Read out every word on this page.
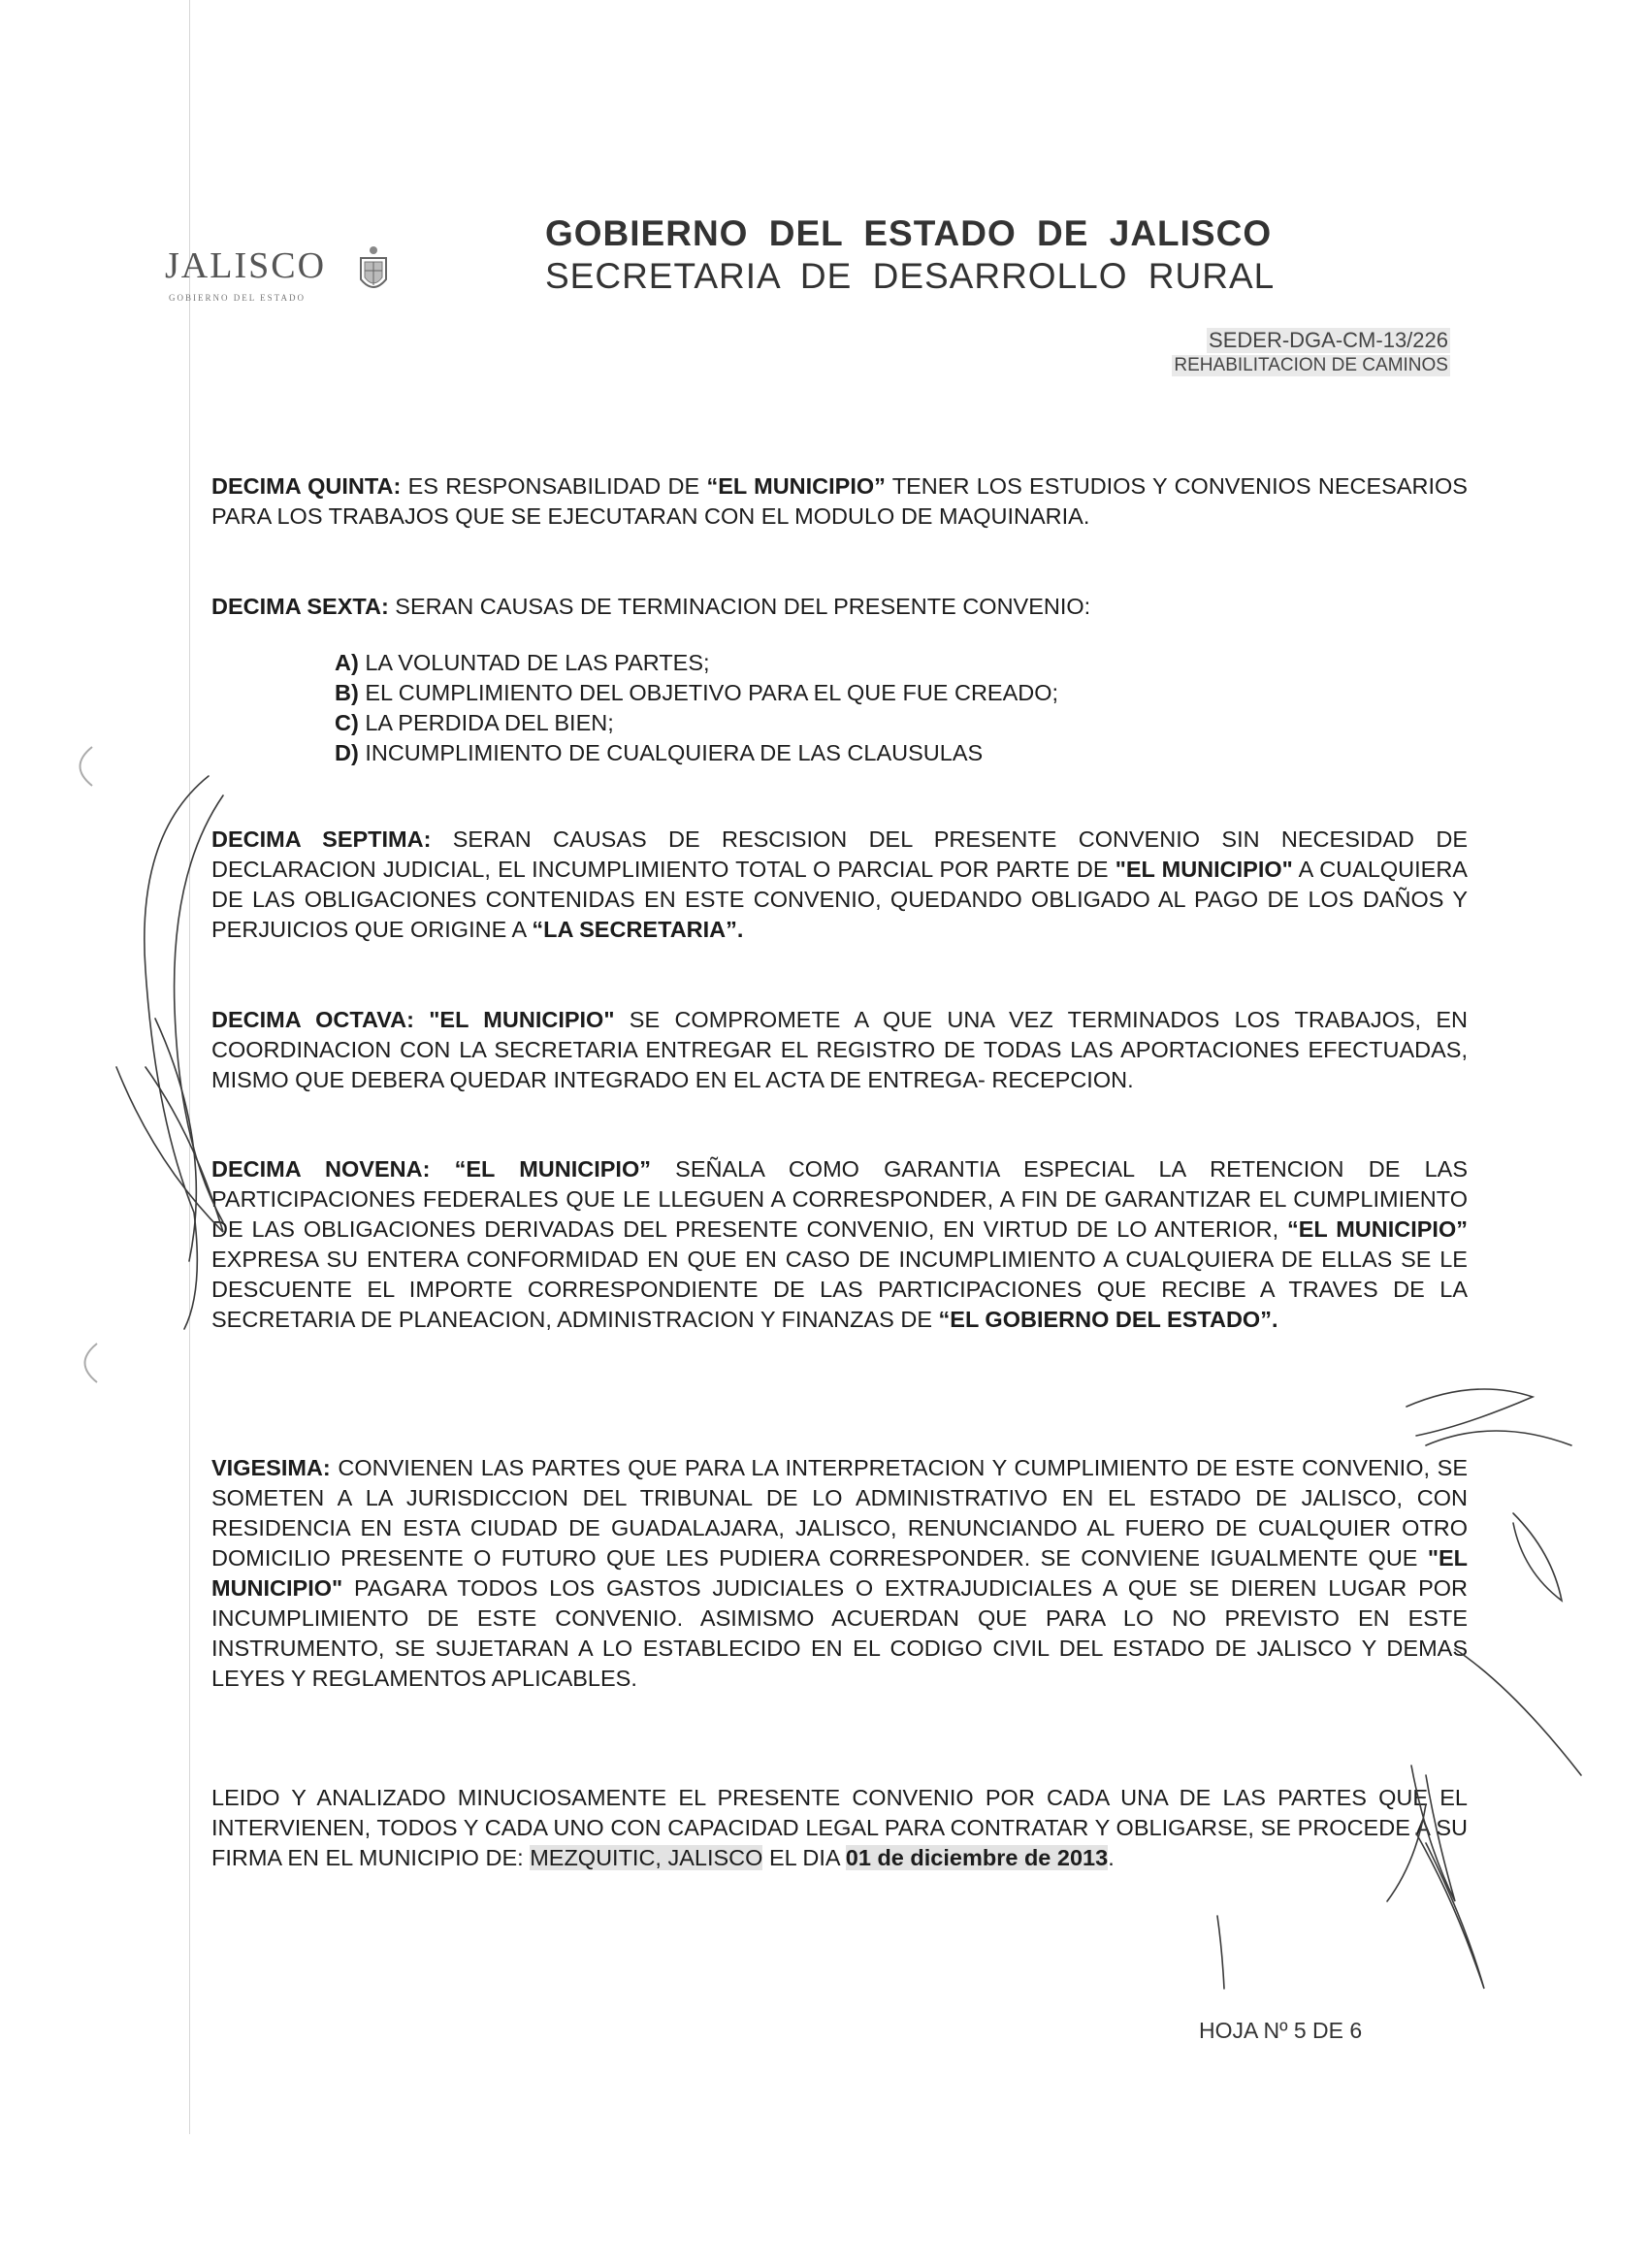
JALISCO
GOBIERNO DEL ESTADO
GOBIERNO DEL ESTADO DE JALISCO
SECRETARIA DE DESARROLLO RURAL
SEDER-DGA-CM-13/226
REHABILITACION DE CAMINOS
DECIMA QUINTA: ES RESPONSABILIDAD DE “EL MUNICIPIO” TENER LOS ESTUDIOS Y CONVENIOS NECESARIOS PARA LOS TRABAJOS QUE SE EJECUTARAN CON EL MODULO DE MAQUINARIA.
DECIMA SEXTA: SERAN CAUSAS DE TERMINACION DEL PRESENTE CONVENIO:
A) LA VOLUNTAD DE LAS PARTES;
B) EL CUMPLIMIENTO DEL OBJETIVO PARA EL QUE FUE CREADO;
C) LA PERDIDA DEL BIEN;
D) INCUMPLIMIENTO DE CUALQUIERA DE LAS CLAUSULAS
DECIMA SEPTIMA: SERAN CAUSAS DE RESCISION DEL PRESENTE CONVENIO SIN NECESIDAD DE DECLARACION JUDICIAL, EL INCUMPLIMIENTO TOTAL O PARCIAL POR PARTE DE "EL MUNICIPIO" A CUALQUIERA DE LAS OBLIGACIONES CONTENIDAS EN ESTE CONVENIO, QUEDANDO OBLIGADO AL PAGO DE LOS DAÑOS Y PERJUICIOS QUE ORIGINE A “LA SECRETARIA”.
DECIMA OCTAVA: "EL MUNICIPIO" SE COMPROMETE A QUE UNA VEZ TERMINADOS LOS TRABAJOS, EN COORDINACION CON LA SECRETARIA ENTREGAR EL REGISTRO DE TODAS LAS APORTACIONES EFECTUADAS, MISMO QUE DEBERA QUEDAR INTEGRADO EN EL ACTA DE ENTREGA- RECEPCION.
DECIMA NOVENA: “EL MUNICIPIO” SEÑALA COMO GARANTIA ESPECIAL LA RETENCION DE LAS PARTICIPACIONES FEDERALES QUE LE LLEGUEN A CORRESPONDER, A FIN DE GARANTIZAR EL CUMPLIMIENTO DE LAS OBLIGACIONES DERIVADAS DEL PRESENTE CONVENIO, EN VIRTUD DE LO ANTERIOR, “EL MUNICIPIO” EXPRESA SU ENTERA CONFORMIDAD EN QUE EN CASO DE INCUMPLIMIENTO A CUALQUIERA DE ELLAS SE LE DESCUENTE EL IMPORTE CORRESPONDIENTE DE LAS PARTICIPACIONES QUE RECIBE A TRAVES DE LA SECRETARIA DE PLANEACION, ADMINISTRACION Y FINANZAS DE “EL GOBIERNO DEL ESTADO”.
VIGESIMA: CONVIENEN LAS PARTES QUE PARA LA INTERPRETACION Y CUMPLIMIENTO DE ESTE CONVENIO, SE SOMETEN A LA JURISDICCION DEL TRIBUNAL DE LO ADMINISTRATIVO EN EL ESTADO DE JALISCO, CON RESIDENCIA EN ESTA CIUDAD DE GUADALAJARA, JALISCO, RENUNCIANDO AL FUERO DE CUALQUIER OTRO DOMICILIO PRESENTE O FUTURO QUE LES PUDIERA CORRESPONDER. SE CONVIENE IGUALMENTE QUE "EL MUNICIPIO" PAGARA TODOS LOS GASTOS JUDICIALES O EXTRAJUDICIALES A QUE SE DIEREN LUGAR POR INCUMPLIMIENTO DE ESTE CONVENIO. ASIMISMO ACUERDAN QUE PARA LO NO PREVISTO EN ESTE INSTRUMENTO, SE SUJETARAN A LO ESTABLECIDO EN EL CODIGO CIVIL DEL ESTADO DE JALISCO Y DEMAS LEYES Y REGLAMENTOS APLICABLES.
LEIDO Y ANALIZADO MINUCIOSAMENTE EL PRESENTE CONVENIO POR CADA UNA DE LAS PARTES QUE EL INTERVIENEN, TODOS Y CADA UNO CON CAPACIDAD LEGAL PARA CONTRATAR Y OBLIGARSE, SE PROCEDE A SU FIRMA EN EL MUNICIPIO DE: MEZQUITIC, JALISCO EL DIA 01 de diciembre de 2013.
HOJA Nº 5 DE 6
